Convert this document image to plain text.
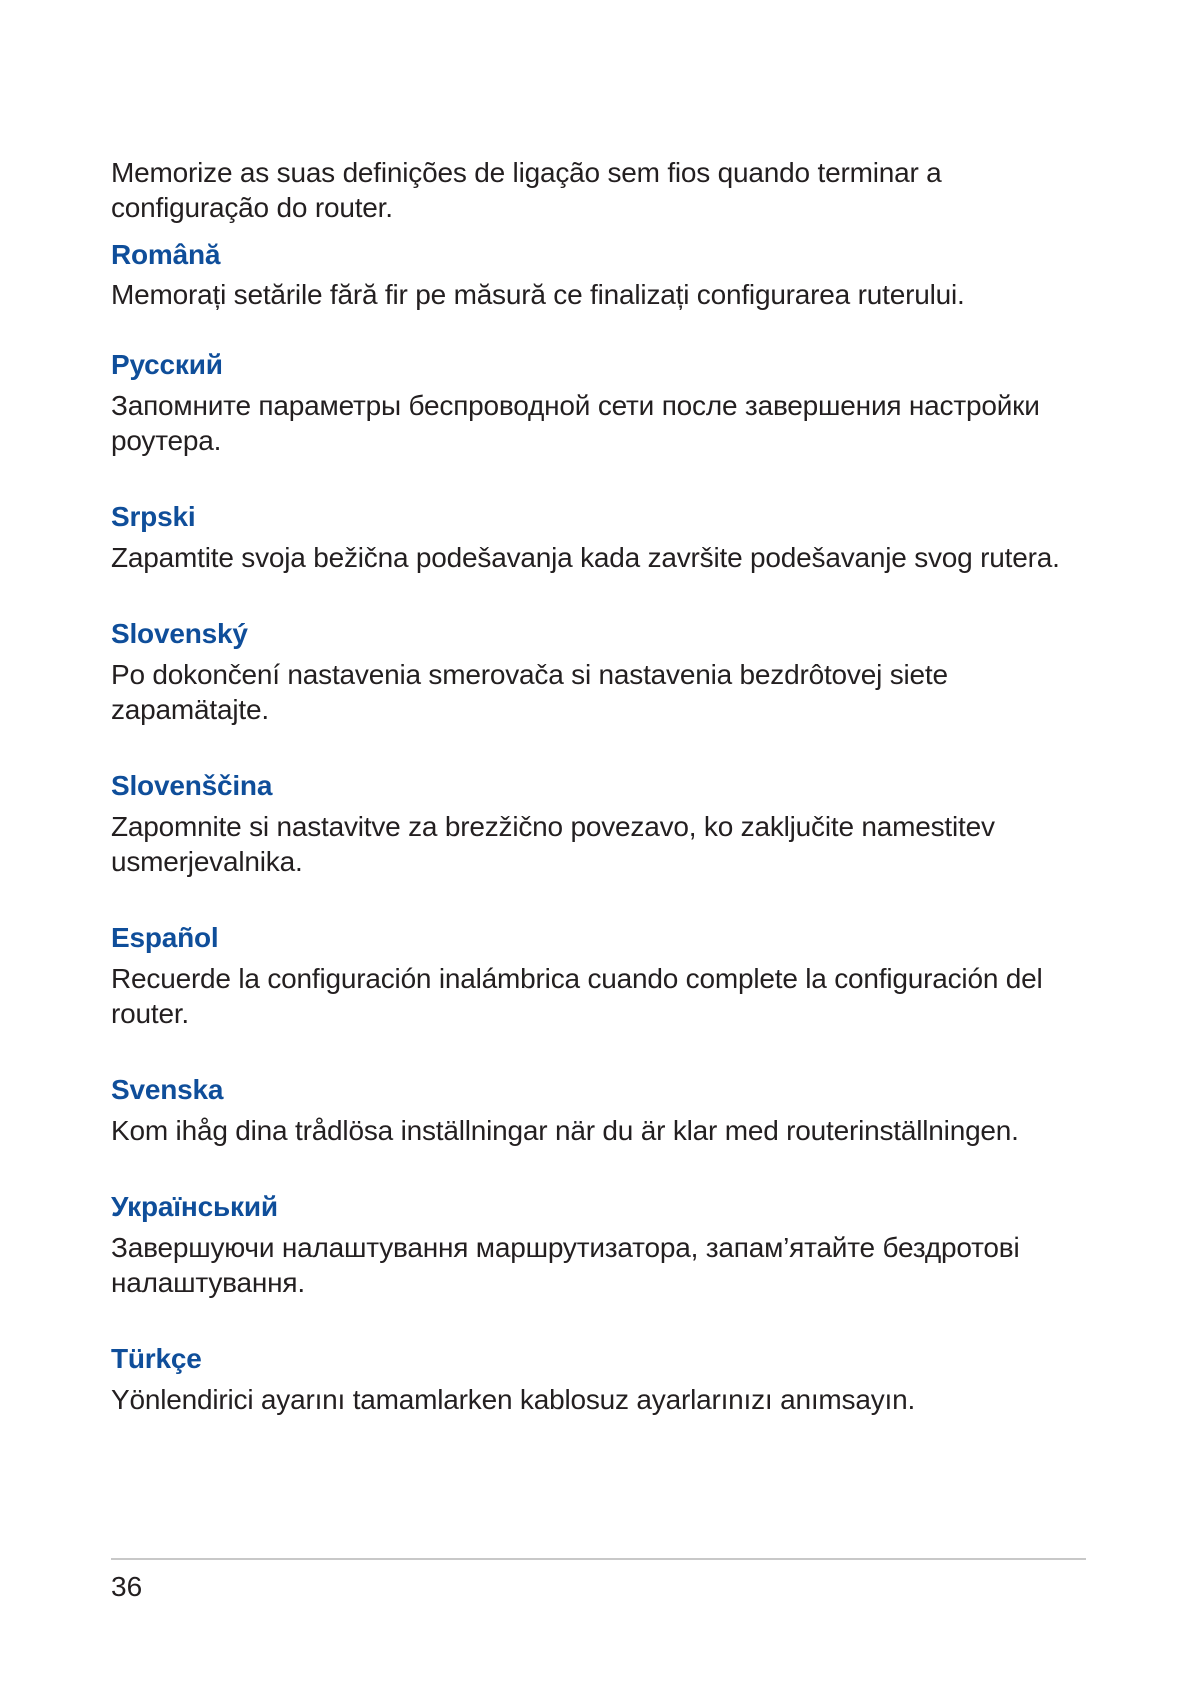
Memorize as suas definições de ligação sem fios quando terminar a configuração do router.

Română

Memorați setările fără fir pe măsură ce finalizați configurarea ruterului.

Русский

Запомните параметры беспроводной сети после завершения настройки роутера.

Srpski

Zapamtite svoja bežična podešavanja kada završite podešavanje svog rutera.

Slovenský

Po dokončení nastavenia smerovača si nastavenia bezdrôtovej siete zapamätajte.

Slovenščina

Zapomnite si nastavitve za brezžično povezavo, ko zaključite namestitev usmerjevalnika.

Español

Recuerde la configuración inalámbrica cuando complete la configuración del router.

Svenska

Kom ihåg dina trådlösa inställningar när du är klar med routerinställningen.

Український

Завершуючи налаштування маршрутизатора, запам’ятайте бездротові налаштування.

Türkçe

Yönlendirici ayarını tamamlarken kablosuz ayarlarınızı anımsayın.

36
